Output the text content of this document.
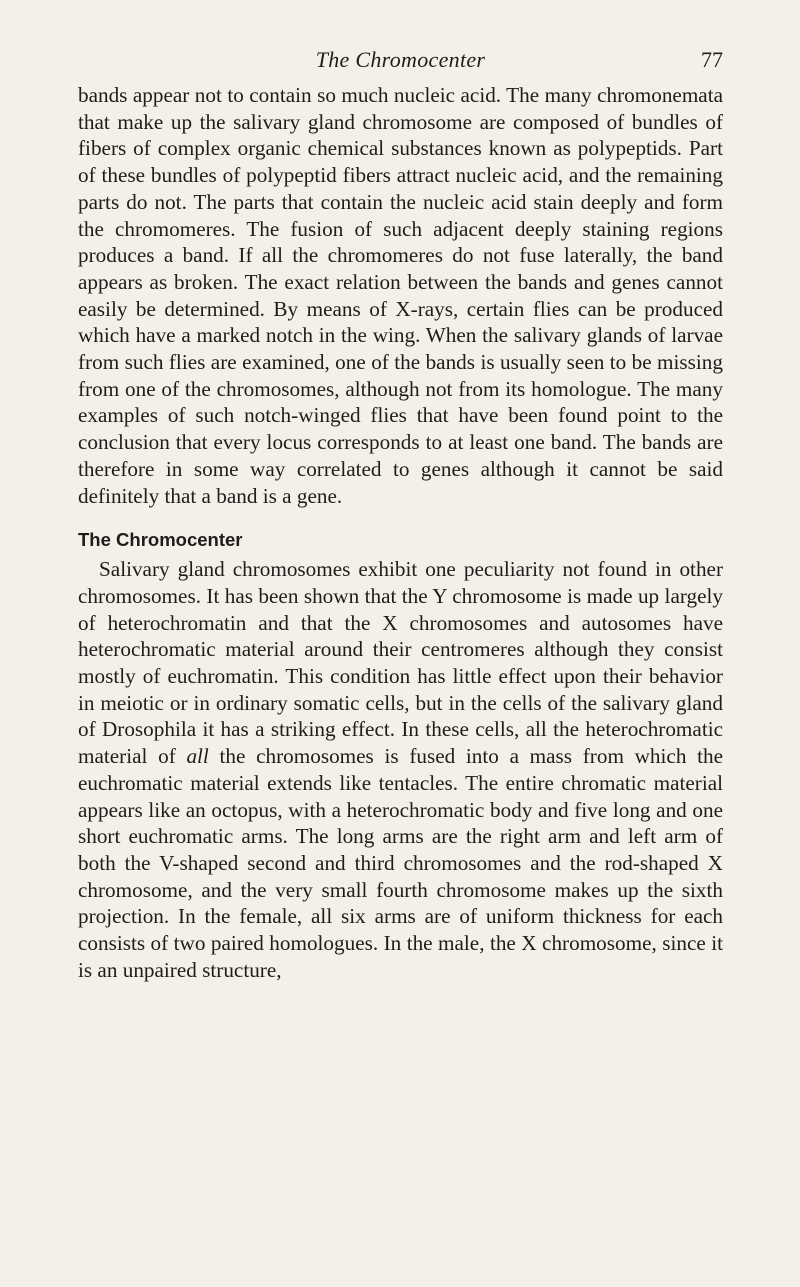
The Chromocenter	77

bands appear not to contain so much nucleic acid. The many chromonemata that make up the salivary gland chromosome are composed of bundles of fibers of complex organic chemical substances known as polypeptids. Part of these bundles of polypeptid fibers attract nucleic acid, and the remaining parts do not. The parts that contain the nucleic acid stain deeply and form the chromomeres. The fusion of such adjacent deeply staining regions produces a band. If all the chromomeres do not fuse laterally, the band appears as broken. The exact relation between the bands and genes cannot easily be determined. By means of X-rays, certain flies can be produced which have a marked notch in the wing. When the salivary glands of larvae from such flies are examined, one of the bands is usually seen to be missing from one of the chromosomes, although not from its homologue. The many examples of such notch-winged flies that have been found point to the conclusion that every locus corresponds to at least one band. The bands are therefore in some way correlated to genes although it cannot be said definitely that a band is a gene.

The Chromocenter

Salivary gland chromosomes exhibit one peculiarity not found in other chromosomes. It has been shown that the Y chromosome is made up largely of heterochromatin and that the X chromosomes and autosomes have heterochromatic material around their centromeres although they consist mostly of euchromatin. This condition has little effect upon their behavior in meiotic or in ordinary somatic cells, but in the cells of the salivary gland of Drosophila it has a striking effect. In these cells, all the heterochromatic material of all the chromosomes is fused into a mass from which the euchromatic material extends like tentacles. The entire chromatic material appears like an octopus, with a heterochromatic body and five long and one short euchromatic arms. The long arms are the right arm and left arm of both the V-shaped second and third chromosomes and the rod-shaped X chromosome, and the very small fourth chromosome makes up the sixth projection. In the female, all six arms are of uniform thickness for each consists of two paired homologues. In the male, the X chromosome, since it is an unpaired structure,
